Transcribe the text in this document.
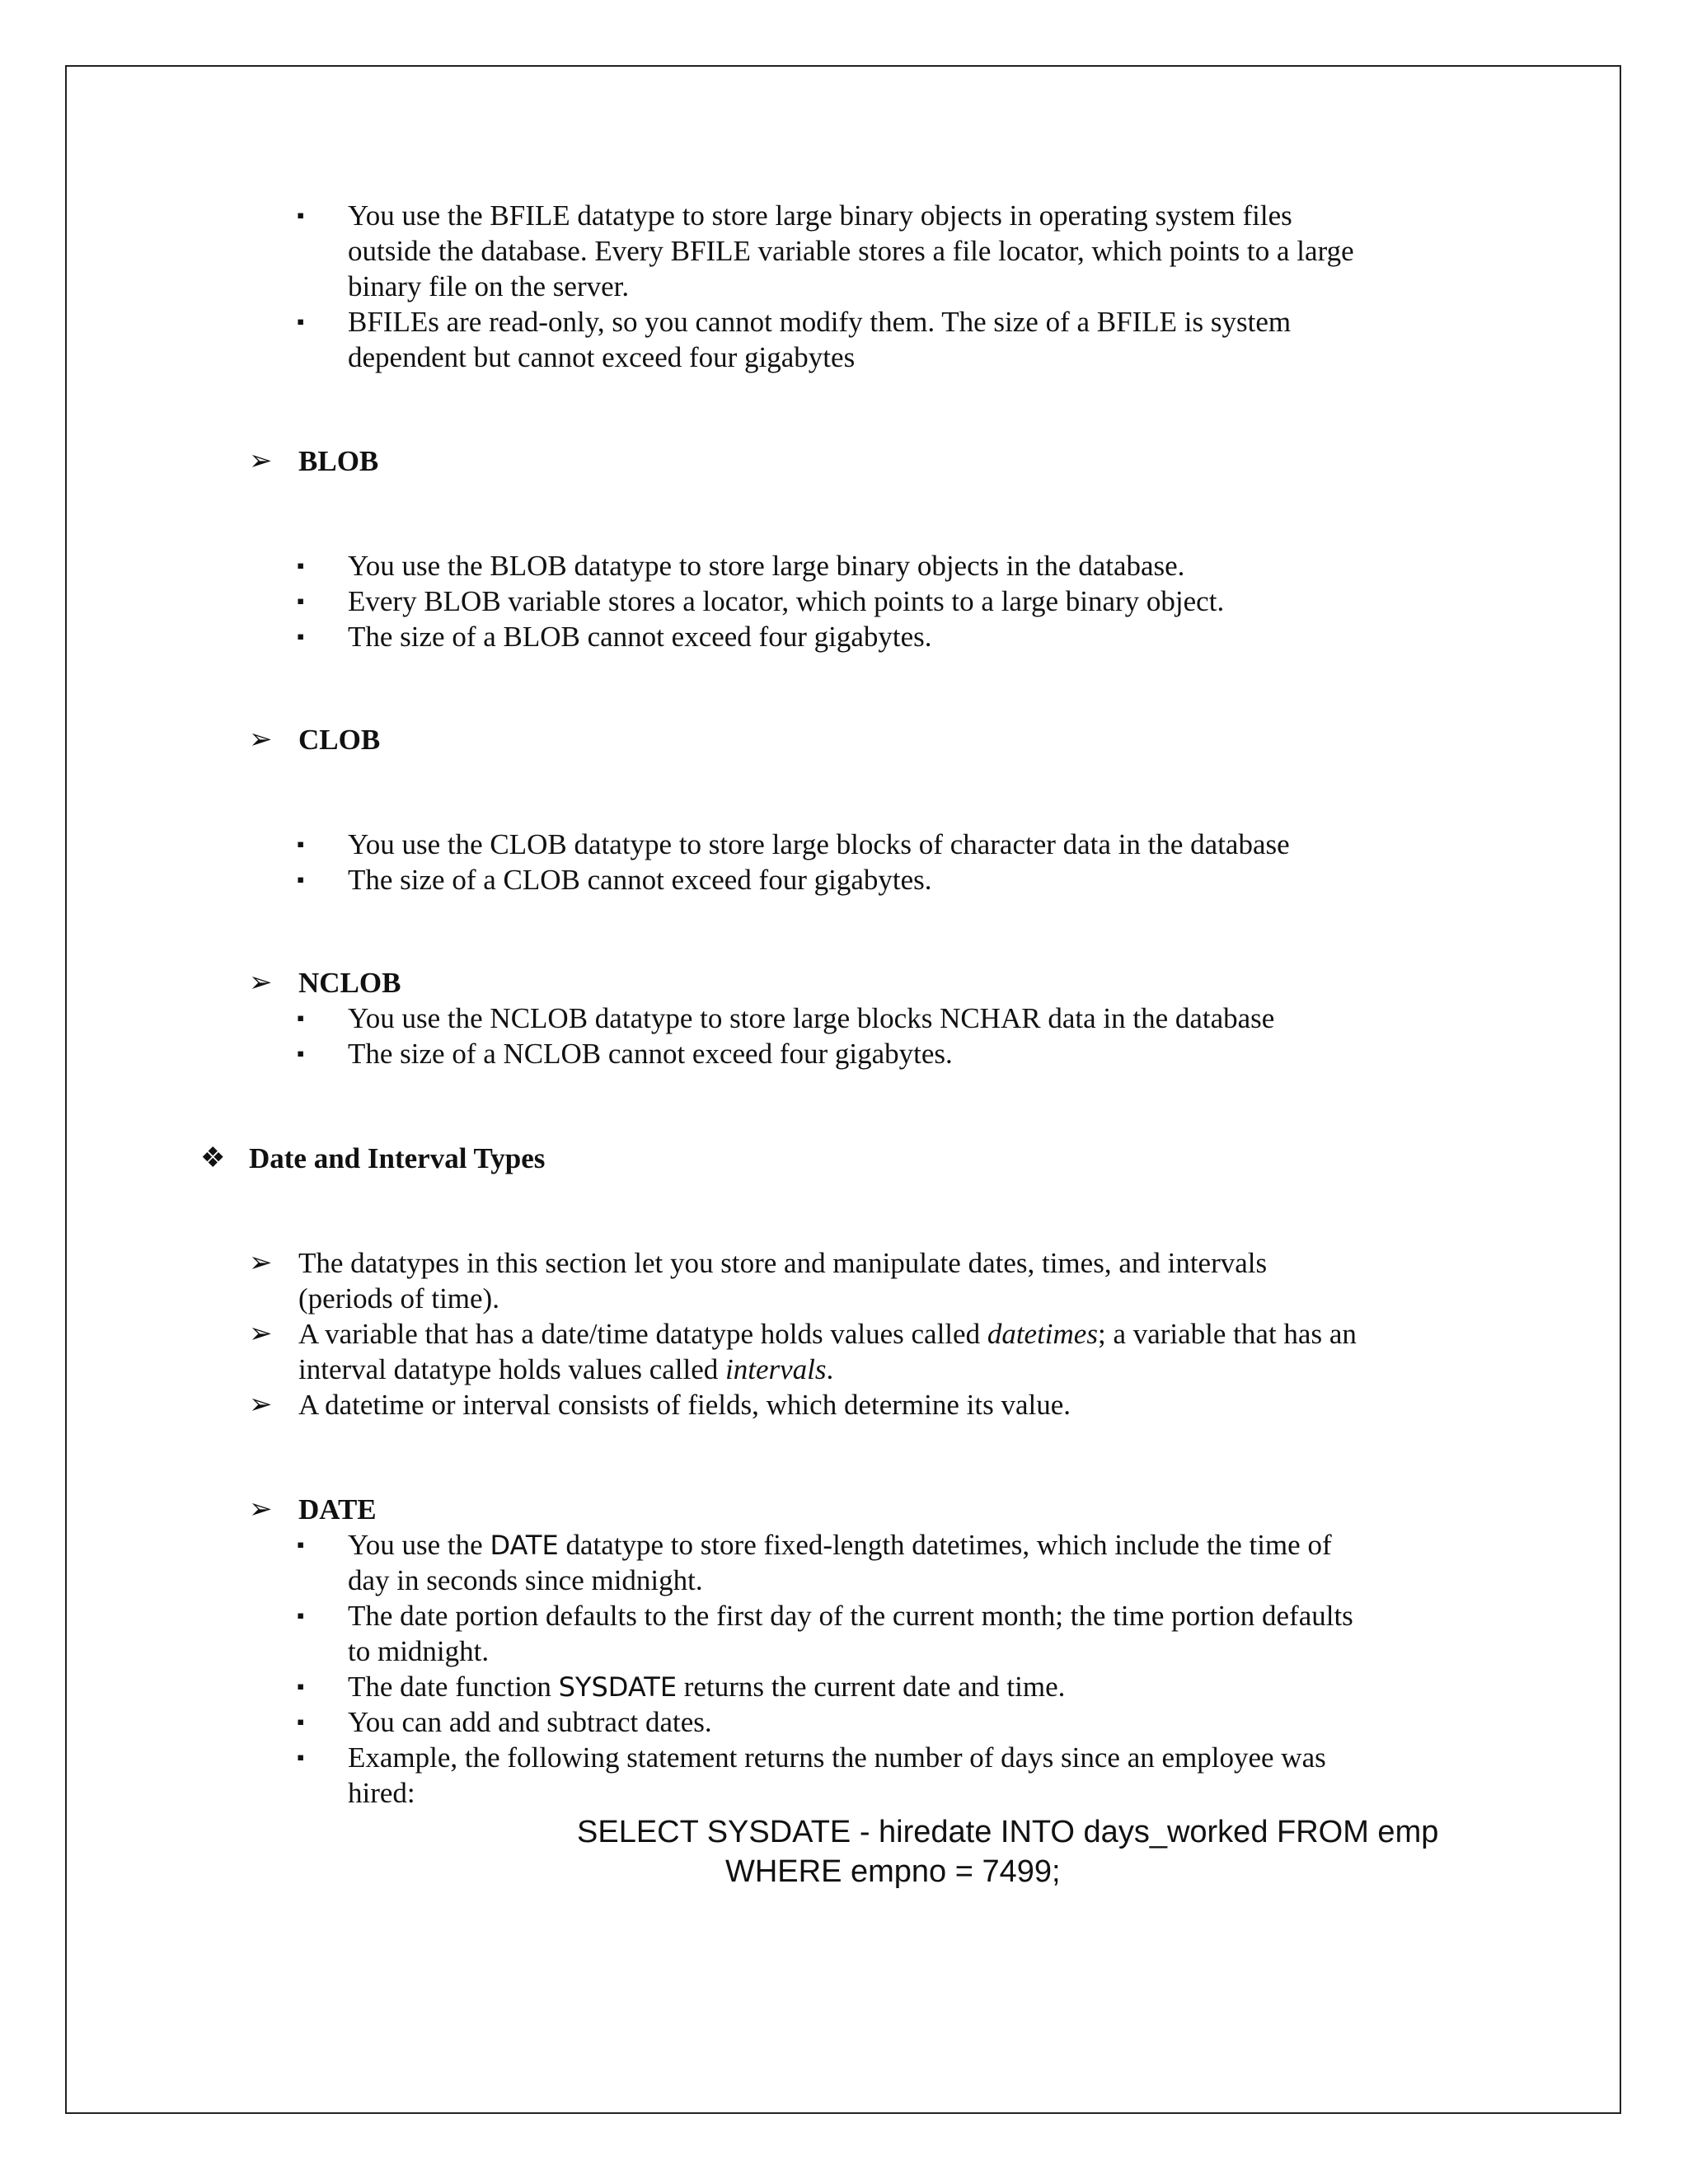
▪ You use the BFILE datatype to store large binary objects in operating system files
outside the database. Every BFILE variable stores a file locator, which points to a large
binary file on the server.
▪ BFILEs are read-only, so you cannot modify them. The size of a BFILE is system
dependent but cannot exceed four gigabytes
➢ BLOB
▪ You use the BLOB datatype to store large binary objects in the database.
▪ Every BLOB variable stores a locator, which points to a large binary object.
▪ The size of a BLOB cannot exceed four gigabytes.
➢ CLOB
▪ You use the CLOB datatype to store large blocks of character data in the database
▪ The size of a CLOB cannot exceed four gigabytes.
➢ NCLOB
▪ You use the NCLOB datatype to store large blocks NCHAR data in the database
▪ The size of a NCLOB cannot exceed four gigabytes.
❖ Date and Interval Types
➢ The datatypes in this section let you store and manipulate dates, times, and intervals
(periods of time).
➢ A variable that has a date/time datatype holds values called datetimes; a variable that has an
interval datatype holds values called intervals.
➢ A datetime or interval consists of fields, which determine its value.
➢ DATE
▪ You use the DATE datatype to store fixed-length datetimes, which include the time of
day in seconds since midnight.
▪ The date portion defaults to the first day of the current month; the time portion defaults
to midnight.
▪ The date function SYSDATE returns the current date and time.
▪ You can add and subtract dates.
▪ Example, the following statement returns the number of days since an employee was
hired:
SELECT SYSDATE - hiredate INTO days_worked FROM emp
WHERE empno = 7499;
